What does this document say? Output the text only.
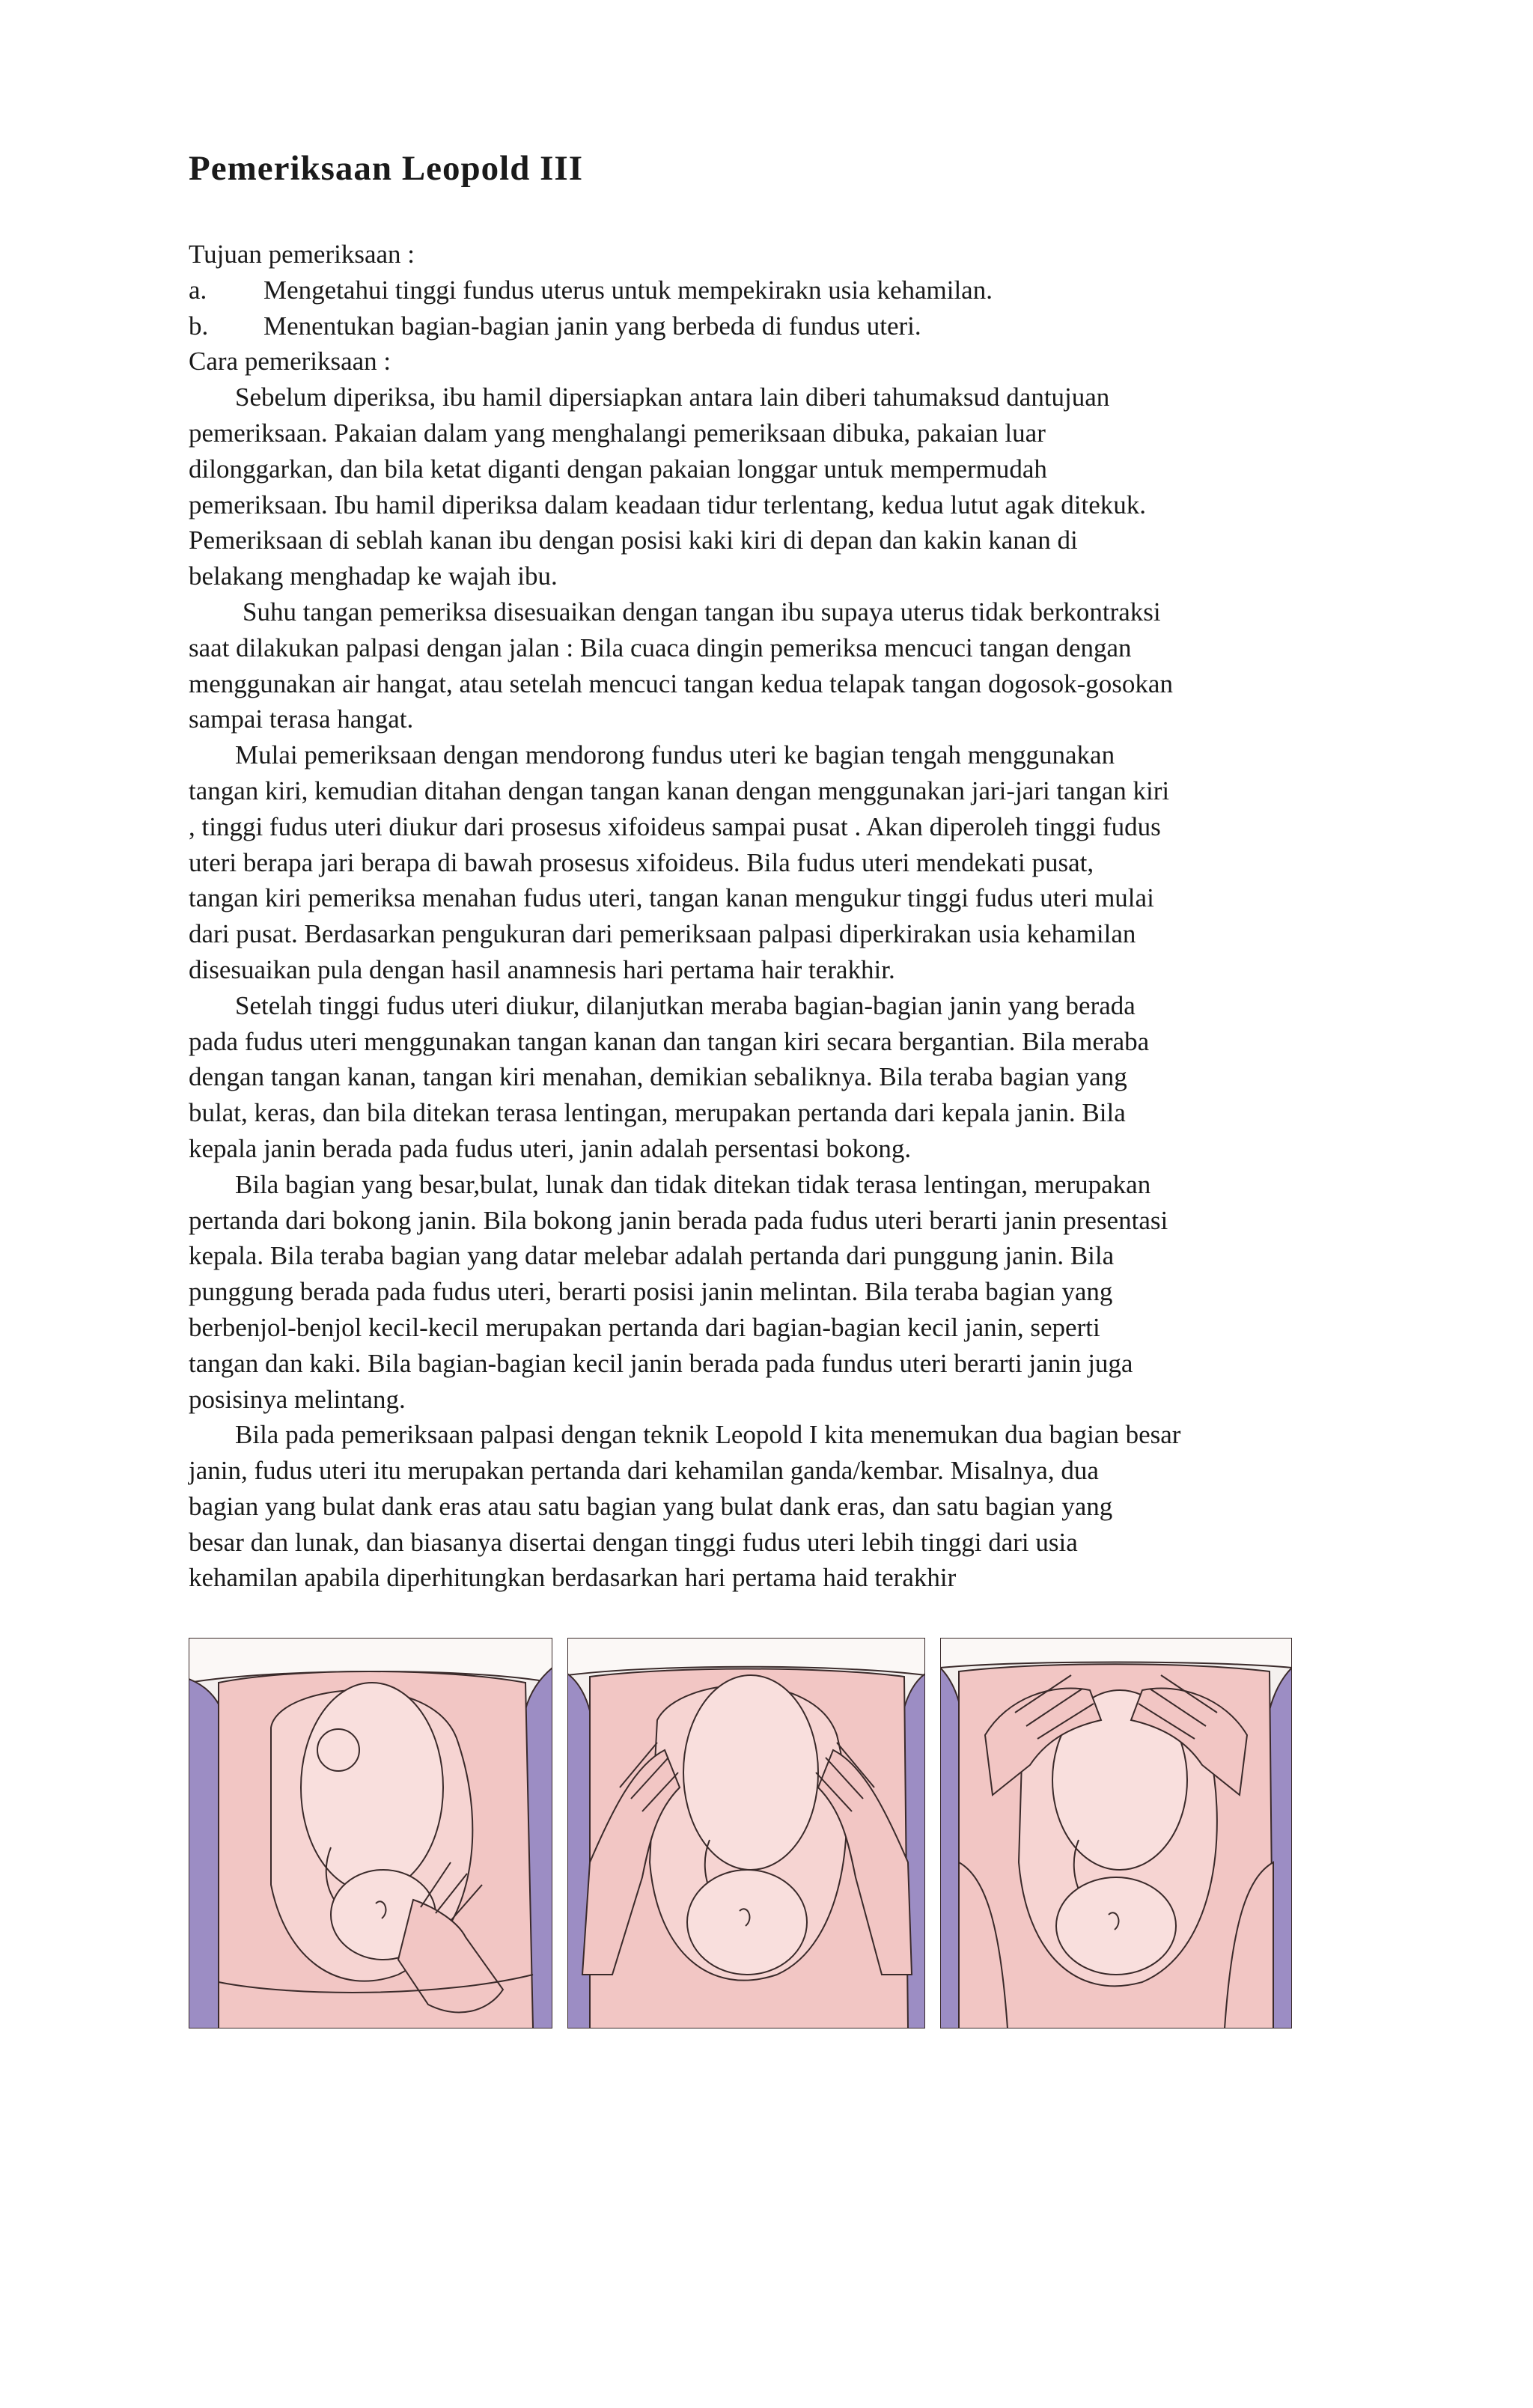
Pemeriksaan Leopold III
Tujuan pemeriksaan :
a. Mengetahui tinggi fundus uterus untuk mempekirakn usia kehamilan.
b. Menentukan bagian-bagian janin yang berbeda di fundus uteri.
Cara pemeriksaan :
Sebelum diperiksa, ibu hamil dipersiapkan antara lain diberi tahumaksud dantujuan
pemeriksaan. Pakaian dalam yang menghalangi pemeriksaan dibuka, pakaian luar
dilonggarkan, dan bila ketat diganti dengan pakaian longgar untuk mempermudah
pemeriksaan. Ibu hamil diperiksa dalam keadaan tidur terlentang, kedua lutut agak ditekuk.
Pemeriksaan di seblah kanan ibu dengan posisi kaki kiri di depan dan kakin kanan di
belakang menghadap ke wajah ibu.
Suhu tangan pemeriksa disesuaikan dengan tangan ibu supaya uterus tidak berkontraksi
saat dilakukan palpasi dengan jalan : Bila cuaca dingin pemeriksa mencuci tangan dengan
menggunakan air hangat, atau setelah mencuci tangan kedua telapak tangan dogosok-gosokan
sampai terasa hangat.
Mulai pemeriksaan dengan mendorong fundus uteri ke bagian tengah menggunakan
tangan kiri, kemudian ditahan dengan tangan kanan dengan menggunakan jari-jari tangan kiri
, tinggi fudus uteri diukur dari prosesus xifoideus sampai pusat . Akan diperoleh tinggi fudus
uteri berapa jari berapa di bawah prosesus xifoideus. Bila fudus uteri mendekati pusat,
tangan kiri pemeriksa menahan fudus uteri, tangan kanan mengukur tinggi fudus uteri mulai
dari pusat. Berdasarkan pengukuran dari pemeriksaan palpasi diperkirakan usia kehamilan
disesuaikan pula dengan hasil anamnesis hari pertama hair terakhir.
Setelah tinggi fudus uteri diukur, dilanjutkan meraba bagian-bagian janin yang berada
pada fudus uteri menggunakan tangan kanan dan tangan kiri secara bergantian. Bila meraba
dengan tangan kanan, tangan kiri menahan, demikian sebaliknya. Bila teraba bagian yang
bulat, keras, dan bila ditekan terasa lentingan, merupakan pertanda dari kepala janin. Bila
kepala janin berada pada fudus uteri, janin adalah persentasi bokong.
Bila bagian yang besar,bulat, lunak dan tidak ditekan tidak terasa lentingan, merupakan
pertanda dari bokong janin. Bila bokong janin berada pada fudus uteri berarti janin presentasi
kepala. Bila teraba bagian yang datar melebar adalah pertanda dari punggung janin. Bila
punggung berada pada fudus uteri, berarti posisi janin melintan. Bila teraba bagian yang
berbenjol-benjol kecil-kecil merupakan pertanda dari bagian-bagian kecil janin, seperti
tangan dan kaki. Bila bagian-bagian kecil janin berada pada fundus uteri berarti janin juga
posisinya melintang.
Bila pada pemeriksaan palpasi dengan teknik Leopold I kita menemukan dua bagian besar
janin, fudus uteri itu merupakan pertanda dari kehamilan ganda/kembar. Misalnya, dua
bagian yang bulat dank eras atau satu bagian yang bulat dank eras, dan satu bagian yang
besar dan lunak, dan biasanya disertai dengan tinggi fudus uteri lebih tinggi dari usia
kehamilan apabila diperhitungkan berdasarkan hari pertama haid terakhir
